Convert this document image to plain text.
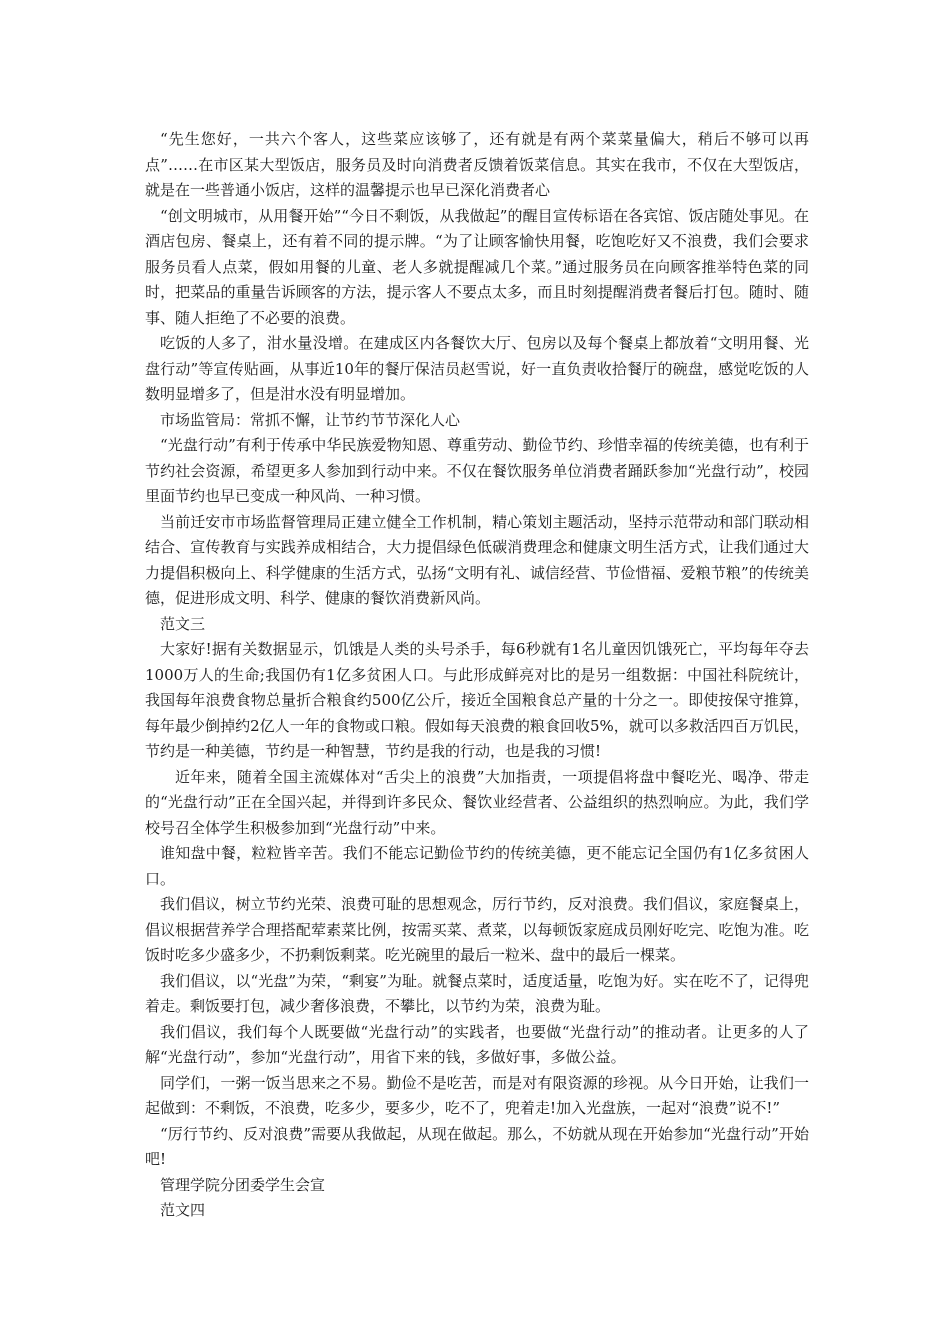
“先生您好，一共六个客人，这些菜应该够了，还有就是有两个菜菜量偏大，稍后不够可以再点”……在市区某大型饭店，服务员及时向消费者反馈着饭菜信息。其实在我市，不仅在大型饭店，就是在一些普通小饭店，这样的温馨提示也早已深化消费者心

“创文明城市，从用餐开始”“今日不剩饭，从我做起”的醒目宣传标语在各宾馆、饭店随处事见。在酒店包房、餐桌上，还有着不同的提示牌。“为了让顾客愉快用餐，吃饱吃好又不浪费，我们会要求服务员看人点菜，假如用餐的儿童、老人多就提醒减几个菜。”通过服务员在向顾客推举特色菜的同时，把菜品的重量告诉顾客的方法，提示客人不要点太多，而且时刻提醒消费者餐后打包。随时、随事、随人拒绝了不必要的浪费。

吃饭的人多了，泔水量没增。在建成区内各餐饮大厅、包房以及每个餐桌上都放着“文明用餐、光盘行动”等宣传贴画，从事近10年的餐厅保洁员赵雪说，好一直负责收拾餐厅的碗盘，感觉吃饭的人数明显增多了，但是泔水没有明显增加。

市场监管局：常抓不懈，让节约节节深化人心

“光盘行动”有利于传承中华民族爱物知恩、尊重劳动、勤俭节约、珍惜幸福的传统美德，也有利于节约社会资源，希望更多人参加到行动中来。不仅在餐饮服务单位消费者踊跃参加“光盘行动”，校园里面节约也早已变成一种风尚、一种习惯。

当前迁安市市场监督管理局正建立健全工作机制，精心策划主题活动，坚持示范带动和部门联动相结合、宣传教育与实践养成相结合，大力提倡绿色低碳消费理念和健康文明生活方式，让我们通过大力提倡积极向上、科学健康的生活方式，弘扬“文明有礼、诚信经营、节俭惜福、爱粮节粮”的传统美德，促进形成文明、科学、健康的餐饮消费新风尚。

范文三

大家好!据有关数据显示，饥饿是人类的头号杀手，每6秒就有1名儿童因饥饿死亡，平均每年夺去1000万人的生命;我国仍有1亿多贫困人口。与此形成鲜亮对比的是另一组数据：中国社科院统计，我国每年浪费食物总量折合粮食约500亿公斤，接近全国粮食总产量的十分之一。即使按保守推算，每年最少倒掉约2亿人一年的食物或口粮。假如每天浪费的粮食回收5%，就可以多救活四百万饥民，节约是一种美德，节约是一种智慧，节约是我的行动，也是我的习惯!

近年来，随着全国主流媒体对“舌尖上的浪费”大加指责，一项提倡将盘中餐吃光、喝净、带走的“光盘行动”正在全国兴起，并得到许多民众、餐饮业经营者、公益组织的热烈响应。为此，我们学校号召全体学生积极参加到“光盘行动”中来。

谁知盘中餐，粒粒皆辛苦。我们不能忘记勤俭节约的传统美德，更不能忘记全国仍有1亿多贫困人口。

我们倡议，树立节约光荣、浪费可耻的思想观念，厉行节约，反对浪费。我们倡议，家庭餐桌上，倡议根据营养学合理搭配荤素菜比例，按需买菜、煮菜，以每顿饭家庭成员刚好吃完、吃饱为准。吃饭时吃多少盛多少，不扔剩饭剩菜。吃光碗里的最后一粒米、盘中的最后一棵菜。

我们倡议，以“光盘”为荣，“剩宴”为耻。就餐点菜时，适度适量，吃饱为好。实在吃不了，记得兜着走。剩饭要打包，减少奢侈浪费，不攀比，以节约为荣，浪费为耻。

我们倡议，我们每个人既要做“光盘行动”的实践者，也要做“光盘行动”的推动者。让更多的人了解“光盘行动”，参加“光盘行动”，用省下来的钱，多做好事，多做公益。

同学们，一粥一饭当思来之不易。勤俭不是吃苦，而是对有限资源的珍视。从今日开始，让我们一起做到：不剩饭，不浪费，吃多少，要多少，吃不了，兜着走!加入光盘族，一起对“浪费”说不!”

“厉行节约、反对浪费”需要从我做起，从现在做起。那么，不妨就从现在开始参加“光盘行动”开始吧!

管理学院分团委学生会宣

范文四
